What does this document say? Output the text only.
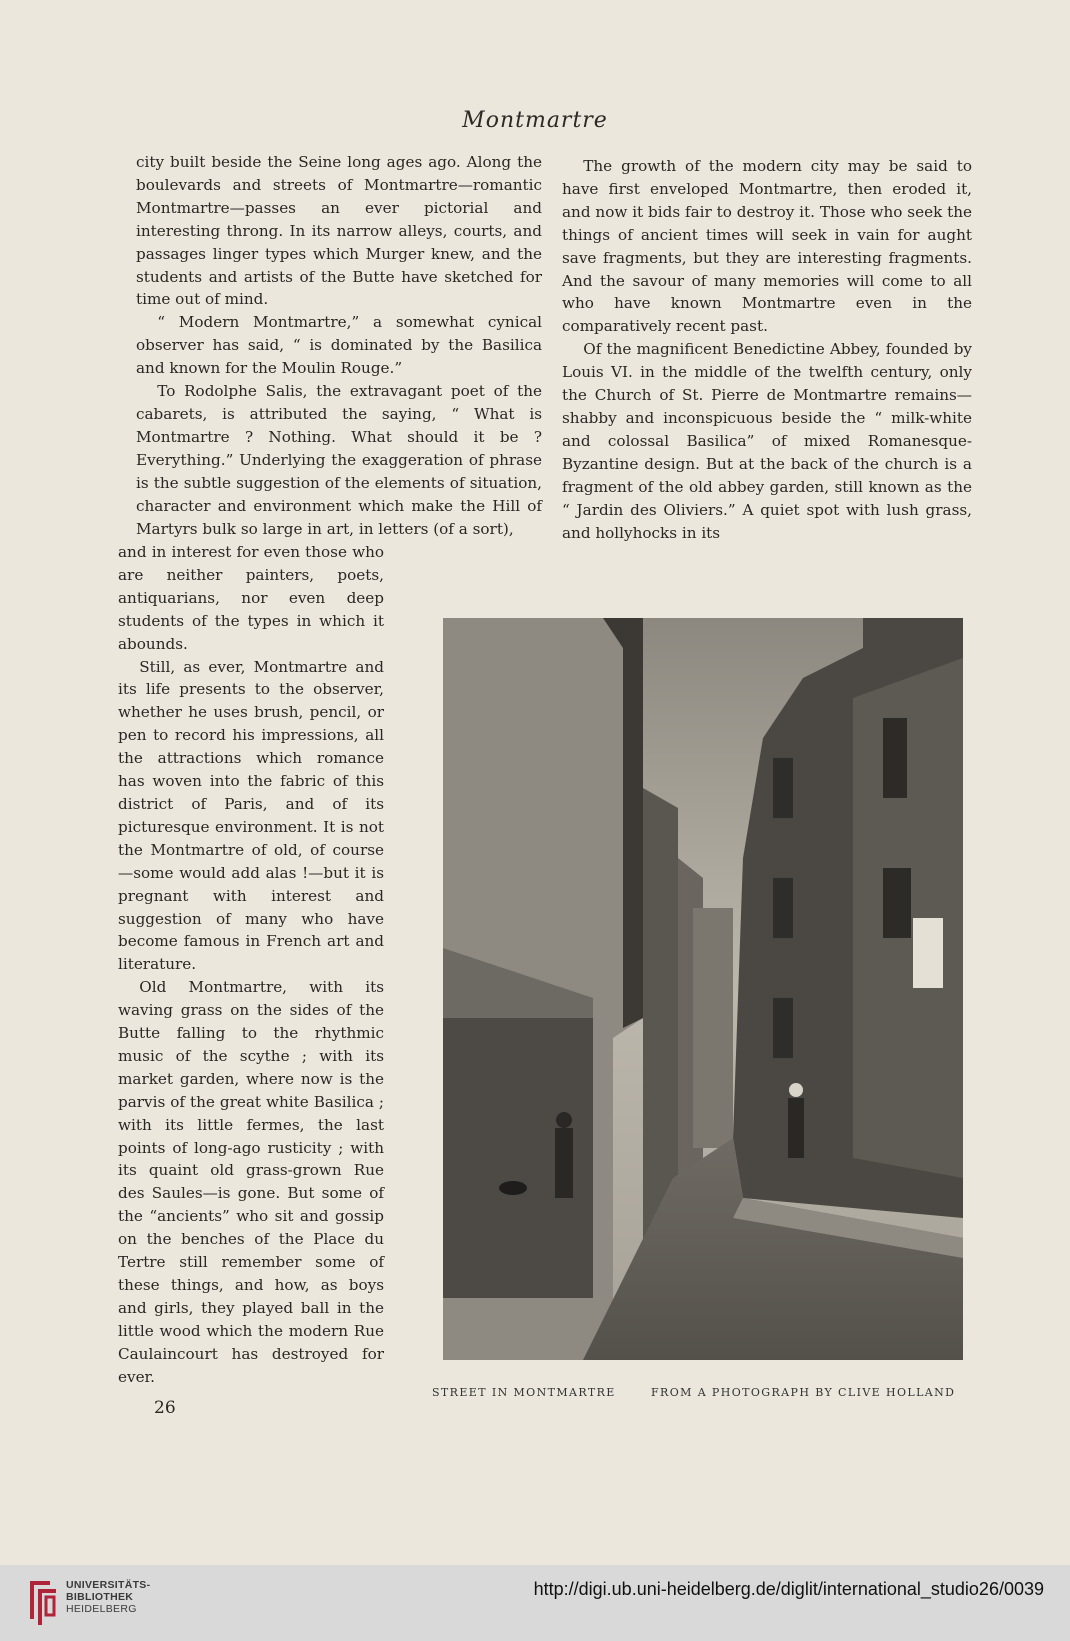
Montmartre

city built beside the Seine long ages ago. Along the boulevards and streets of Montmartre—romantic Montmartre—passes an ever pictorial and interesting throng. In its narrow alleys, courts, and passages linger types which Murger knew, and the students and artists of the Butte have sketched for time out of mind.

“ Modern Montmartre,” a somewhat cynical observer has said, “ is dominated by the Basilica and known for the Moulin Rouge.”

To Rodolphe Salis, the extravagant poet of the cabarets, is attributed the saying, “ What is Montmartre ? Nothing. What should it be ? Everything.” Underlying the exaggeration of phrase is the subtle suggestion of the elements of situation, character and environment which make the Hill of Martyrs bulk so large in art, in letters (of a sort),

and in interest for even those who are neither painters, poets, antiquarians, nor even deep students of the types in which it abounds.

Still, as ever, Montmartre and its life presents to the observer, whether he uses brush, pencil, or pen to record his impressions, all the attractions which romance has woven into the fabric of this district of Paris, and of its picturesque environment. It is not the Montmartre of old, of course —some would add alas !—but it is pregnant with interest and suggestion of many who have become famous in French art and literature.

Old Montmartre, with its waving grass on the sides of the Butte falling to the rhythmic music of the scythe ; with its market garden, where now is the parvis of the great white Basilica ; with its little fermes, the last points of long-ago rusticity ; with its quaint old grass-grown Rue des Saules—is gone. But some of the “ancients” who sit and gossip on the benches of the Place du Tertre still remember some of these things, and how, as boys and girls, they played ball in the little wood which the modern Rue Caulaincourt has destroyed for ever.

The growth of the modern city may be said to have first enveloped Montmartre, then eroded it, and now it bids fair to destroy it. Those who seek the things of ancient times will seek in vain for aught save fragments, but they are interesting fragments. And the savour of many memories will come to all who have known Montmartre even in the comparatively recent past.

Of the magnificent Benedictine Abbey, founded by Louis VI. in the middle of the twelfth century, only the Church of St. Pierre de Montmartre remains—shabby and inconspicuous beside the “ milk-white and colossal Basilica” of mixed Romanesque-Byzantine design. But at the back of the church is a fragment of the old abbey garden, still known as the “ Jardin des Oliviers.” A quiet spot with lush grass, and hollyhocks in its

STREET IN MONTMARTRE	FROM A PHOTOGRAPH BY CLIVE HOLLAND
26
UNIVERSITÄTS-
BIBLIOTHEK
HEIDELBERG
http://digi.ub.uni-heidelberg.de/diglit/international_studio26/0039
